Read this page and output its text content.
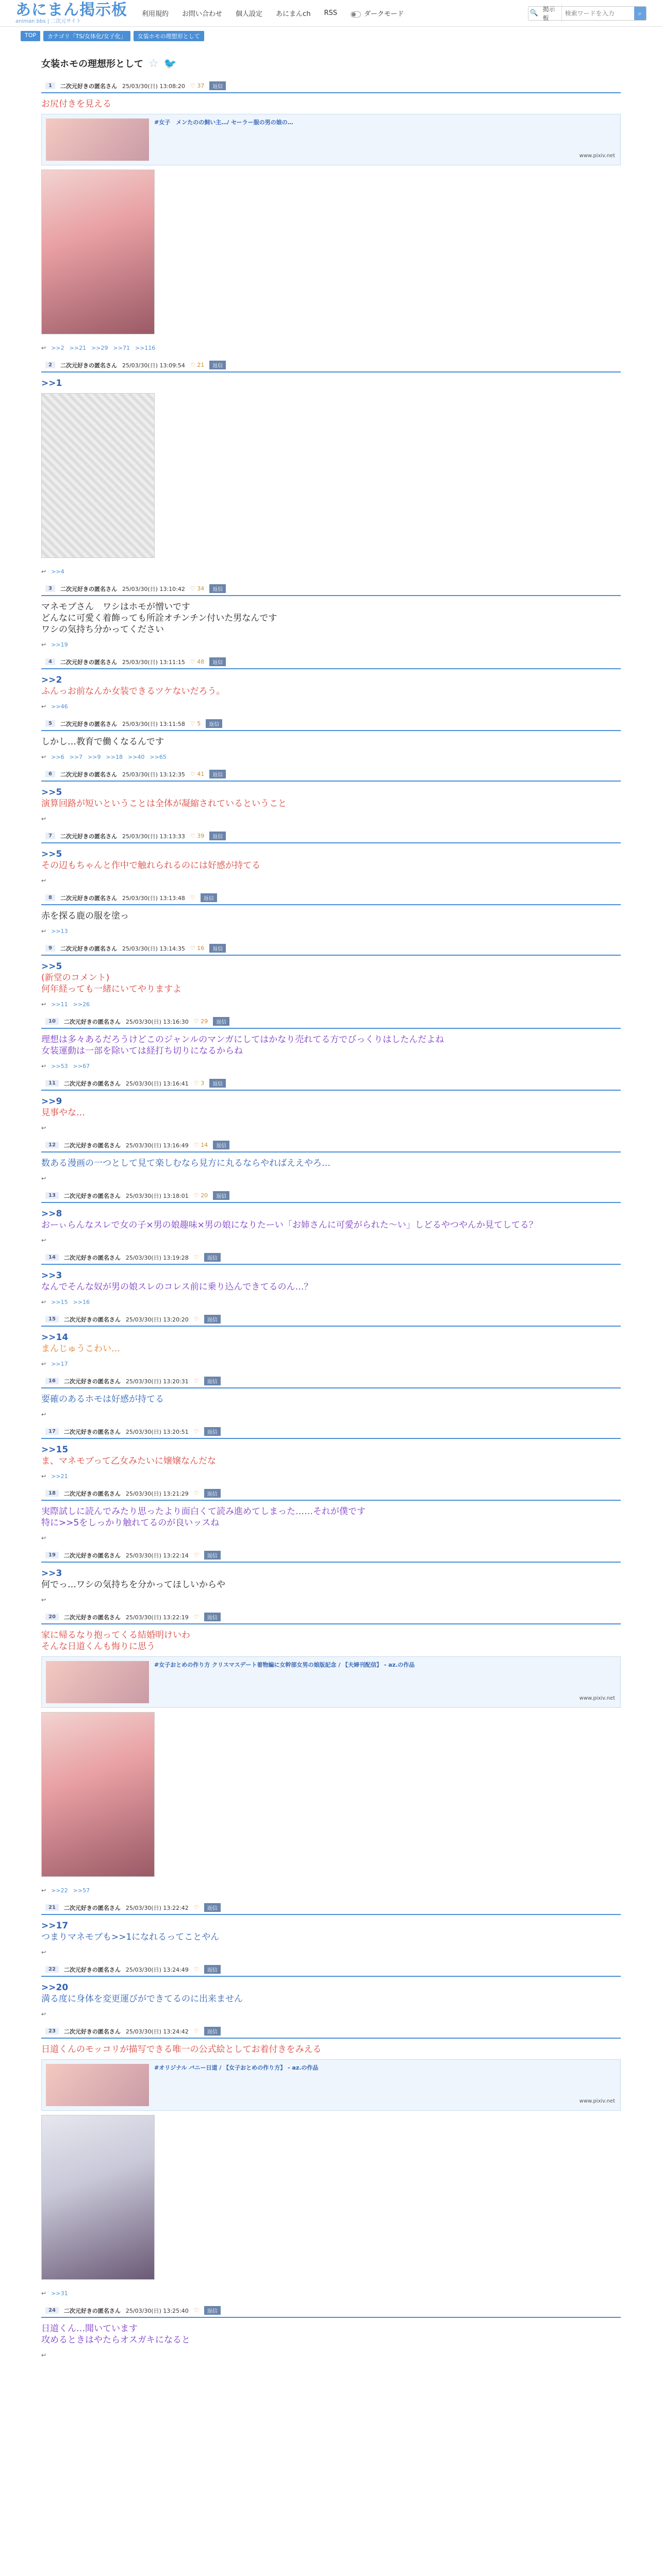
あにまん掲示板
animan bbs | 二次元サイト
利用規約 お問い合わせ 個人設定 あにまんch RSS	ダークモード	🔍
掲示板
検索ワードを入力
⌕
TOP	カテゴリ「TS/女体化/女子化」	女装ホモの理想形として
女装ホモの理想形として ☆ 🐦
1	二次元好きの匿名さん 25/03/30(日) 13:08:20 ♡ 37	返信
お尻付きを見える
#女子　メンたのの飼い主…/ セーラー服の男の娘の…
www.pixiv.net
↩ >>2 >>21 >>29 >>71 >>116
2	二次元好きの匿名さん 25/03/30(日) 13:09:54 ♡ 21	返信
>>1
↩ >>4
3	二次元好きの匿名さん 25/03/30(日) 13:10:42 ♡ 34	返信
マネモブさん　ワシはホモが憎いです
どんなに可愛く着飾っても所詮オチンチン付いた男なんです
ワシの気持ち分かってください
↩ >>19
4	二次元好きの匿名さん 25/03/30(日) 13:11:15 ♡ 48	返信
>>2
ふんっお前なんか女装できるツケないだろう。
↩ >>46
5	二次元好きの匿名さん 25/03/30(日) 13:11:58 ♡ 5	返信
しかし…教育で働くなるんです
↩ >>6 >>7 >>9 >>18 >>40 >>65
6	二次元好きの匿名さん 25/03/30(日) 13:12:35 ♡ 41	返信
>>5
演算回路が短いということは全体が凝縮されているということ
↩
7	二次元好きの匿名さん 25/03/30(日) 13:13:33 ♡ 39	返信
>>5
その辺もちゃんと作中で触れられるのには好感が持てる
↩
8	二次元好きの匿名さん 25/03/30(日) 13:13:48 ♡	返信
赤を探る鹿の服を塗っ
↩ >>13
9	二次元好きの匿名さん 25/03/30(日) 13:14:35 ♡ 16	返信
>>5
(新堂のコメント)
何年経っても一緒にいてやりますよ
↩ >>11 >>26
10	二次元好きの匿名さん 25/03/30(日) 13:16:30 ♡ 29	返信
理想は多々あるだろうけどこのジャンルのマンガにしてはかなり売れてる方でびっくりはしたんだよね
女装運動は一部を除いては経打ち切りになるからね
↩ >>53 >>67
11	二次元好きの匿名さん 25/03/30(日) 13:16:41 ♡ 3	返信
>>9
見事やな…
↩
12	二次元好きの匿名さん 25/03/30(日) 13:16:49 ♡ 14	返信
数ある漫画の一つとして見て楽しむなら見方に丸るならやればええやろ…
↩
13	二次元好きの匿名さん 25/03/30(日) 13:18:01 ♡ 20	返信
>>8
おーぃらんなスレで女の子×男の娘趣味×男の娘になりたーい「お姉さんに可愛がられた〜い」しどるやつやんか見てしてる？
↩
14	二次元好きの匿名さん 25/03/30(日) 13:19:28 ♡	返信
>>3
なんでそんな奴が男の娘スレのコレス前に乗り込んできてるのん…？
↩ >>15 >>16
15	二次元好きの匿名さん 25/03/30(日) 13:20:20 ♡	返信
>>14
まんじゅうこわい…
↩ >>17
16	二次元好きの匿名さん 25/03/30(日) 13:20:31 ♡	返信
要確のあるホモは好感が持てる
↩
17	二次元好きの匿名さん 25/03/30(日) 13:20:51 ♡	返信
>>15
ま、マネモブって乙女みたいに嬢嬢なんだな
↩ >>21
18	二次元好きの匿名さん 25/03/30(日) 13:21:29 ♡	返信
実際試しに読んでみたり思ったより面白くて読み進めてしまった……それが僕です
特に>>5をしっかり触れてるのが良いッスね
↩
19	二次元好きの匿名さん 25/03/30(日) 13:22:14 ♡	返信
>>3
何でっ…ワシの気持ちを分かってほしいからや
↩
20	二次元好きの匿名さん 25/03/30(日) 13:22:19 ♡	返信
家に帰るなり抱ってくる結婚明けいわ
そんな日道くんも悔りに思う
#女子おとめの作り方 クリスマスデート着物編に女幹部女男の娘版記念 / 【夫婦刊配信】 - az.の作品
www.pixiv.net
↩ >>22 >>57
21	二次元好きの匿名さん 25/03/30(日) 13:22:42 ♡	返信
>>17
つまりマネモブも>>1になれるってことやん
↩
22	二次元好きの匿名さん 25/03/30(日) 13:24:49 ♡	返信
>>20
満る度に身体を変更運びができてるのに出来ません
↩
23	二次元好きの匿名さん 25/03/30(日) 13:24:42 ♡	返信
日道くんのモッコリが描写できる唯一の公式絵としてお着付きをみえる
#オリジナル バニー日道 / 【女子おとめの作り方】 - az.の作品
www.pixiv.net
↩ >>31
24	二次元好きの匿名さん 25/03/30(日) 13:25:40 ♡	返信
日道くん…聞いています
攻めるときはやたらオスガキになると
↩
